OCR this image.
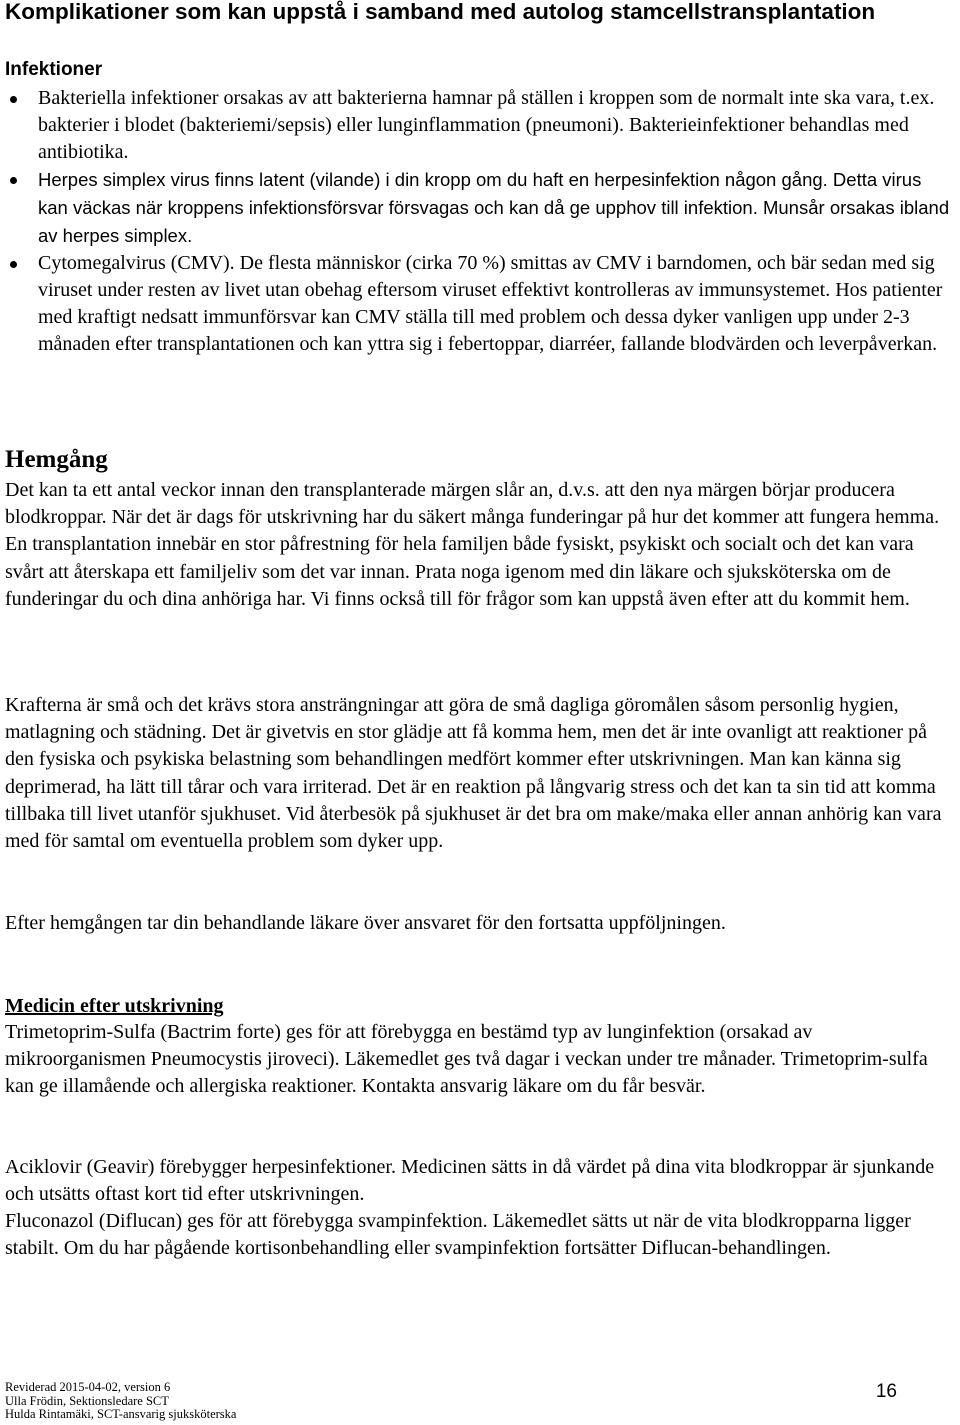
Komplikationer som kan uppstå i samband med autolog stamcellstransplantation
Infektioner
Bakteriella infektioner orsakas av att bakterierna hamnar på ställen i kroppen som de normalt inte ska vara, t.ex. bakterier i blodet (bakteriemi/sepsis) eller lunginflammation (pneumoni). Bakterieinfektioner behandlas med antibiotika.
Herpes simplex virus finns latent (vilande) i din kropp om du haft en herpesinfektion någon gång. Detta virus kan väckas när kroppens infektionsförsvar försvagas och kan då ge upphov till infektion. Munsår orsakas ibland av herpes simplex.
Cytomegalvirus (CMV). De flesta människor (cirka 70 %) smittas av CMV i barndomen, och bär sedan med sig viruset under resten av livet utan obehag eftersom viruset effektivt kontrolleras av immunsystemet. Hos patienter med kraftigt nedsatt immunförsvar kan CMV ställa till med problem och dessa dyker vanligen upp under 2-3 månaden efter transplantationen och kan yttra sig i febertoppar, diarréer, fallande blodvärden och leverpåverkan.
Hemgång

Det kan ta ett antal veckor innan den transplanterade märgen slår an, d.v.s. att den nya märgen börjar producera blodkroppar. När det är dags för utskrivning har du säkert många funderingar på hur det kommer att fungera hemma. En transplantation innebär en stor påfrestning för hela familjen både fysiskt, psykiskt och socialt och det kan vara svårt att återskapa ett familjeliv som det var innan. Prata noga igenom med din läkare och sjuksköterska om de funderingar du och dina anhöriga har. Vi finns också till för frågor som kan uppstå även efter att du kommit hem.

Krafterna är små och det krävs stora ansträngningar att göra de små dagliga göromålen såsom personlig hygien, matlagning och städning. Det är givetvis en stor glädje att få komma hem, men det är inte ovanligt att reaktioner på den fysiska och psykiska belastning som behandlingen medfört kommer efter utskrivningen. Man kan känna sig deprimerad, ha lätt till tårar och vara irriterad. Det är en reaktion på långvarig stress och det kan ta sin tid att komma tillbaka till livet utanför sjukhuset. Vid återbesök på sjukhuset är det bra om make/maka eller annan anhörig kan vara med för samtal om eventuella problem som dyker upp.

Efter hemgången tar din behandlande läkare över ansvaret för den fortsatta uppföljningen.

Medicin efter utskrivning

Trimetoprim-Sulfa (Bactrim forte) ges för att förebygga en bestämd typ av lunginfektion (orsakad av mikroorganismen Pneumocystis jiroveci). Läkemedlet ges två dagar i veckan under tre månader. Trimetoprim-sulfa kan ge illamående och allergiska reaktioner. Kontakta ansvarig läkare om du får besvär.

Aciklovir (Geavir) förebygger herpesinfektioner. Medicinen sätts in då värdet på dina vita blodkroppar är sjunkande och utsätts oftast kort tid efter utskrivningen.

Fluconazol (Diflucan) ges för att förebygga svampinfektion. Läkemedlet sätts ut när de vita blodkropparna ligger stabilt. Om du har pågående kortisonbehandling eller svampinfektion fortsätter Diflucan-behandlingen.

Reviderad 2015-04-02, version 6
Ulla Frödin, Sektionsledare SCT
Hulda Rintamäki, SCT-ansvarig sjuksköterska
16
